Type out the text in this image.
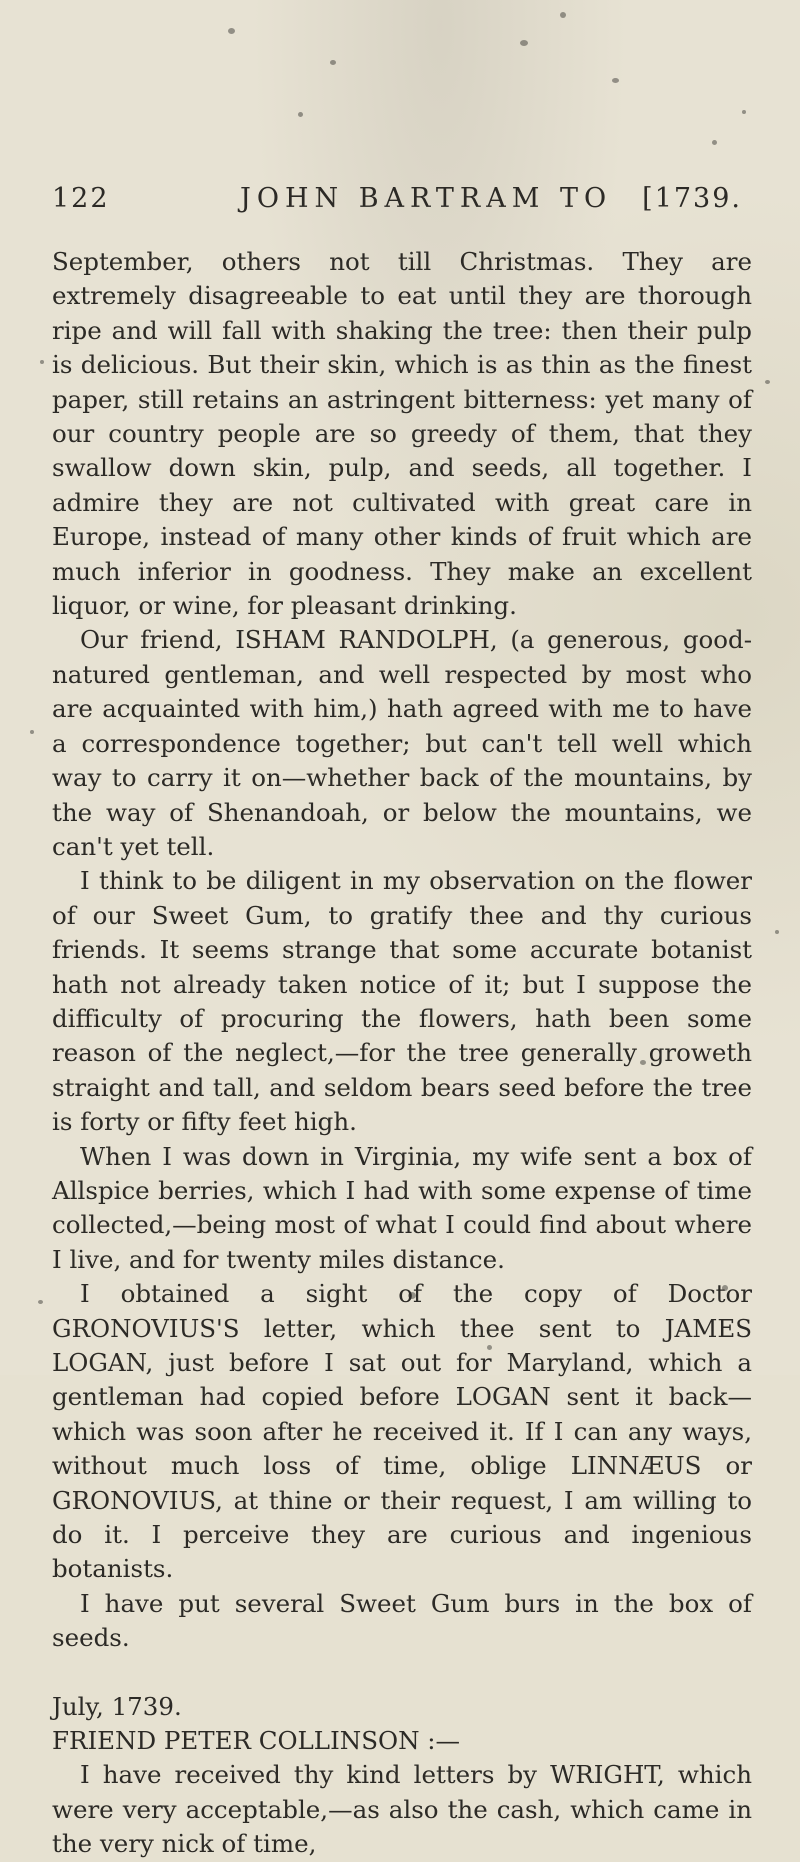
122	JOHN BARTRAM TO [1739.

September, others not till Christmas. They are extremely disagreeable to eat until they are thorough ripe and will fall with shaking the tree: then their pulp is delicious. But their skin, which is as thin as the finest paper, still retains an astringent bitterness: yet many of our country people are so greedy of them, that they swallow down skin, pulp, and seeds, all together. I admire they are not cultivated with great care in Europe, instead of many other kinds of fruit which are much inferior in goodness. They make an excellent liquor, or wine, for pleasant drinking.

Our friend, ISHAM RANDOLPH, (a generous, good-natured gentleman, and well respected by most who are acquainted with him,) hath agreed with me to have a correspondence together; but can't tell well which way to carry it on—whether back of the mountains, by the way of Shenandoah, or below the mountains, we can't yet tell.

I think to be diligent in my observation on the flower of our Sweet Gum, to gratify thee and thy curious friends. It seems strange that some accurate botanist hath not already taken notice of it; but I suppose the difficulty of procuring the flowers, hath been some reason of the neglect,—for the tree generally groweth straight and tall, and seldom bears seed before the tree is forty or fifty feet high.

When I was down in Virginia, my wife sent a box of Allspice berries, which I had with some expense of time collected,—being most of what I could find about where I live, and for twenty miles distance.

I obtained a sight of the copy of Doctor GRONOVIUS'S letter, which thee sent to JAMES LOGAN, just before I sat out for Maryland, which a gentleman had copied before LOGAN sent it back—which was soon after he received it. If I can any ways, without much loss of time, oblige LINNÆUS or GRONOVIUS, at thine or their request, I am willing to do it. I perceive they are curious and ingenious botanists.

I have put several Sweet Gum burs in the box of seeds.

July, 1739.

FRIEND PETER COLLINSON :—

I have received thy kind letters by WRIGHT, which were very acceptable,—as also the cash, which came in the very nick of time,
